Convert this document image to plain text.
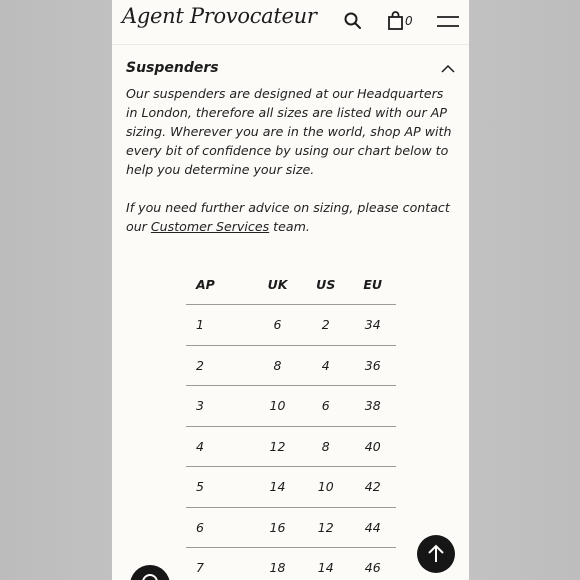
Agent Provocateur	0
Suspenders

Our suspenders are designed at our Headquarters in London, therefore all sizes are listed with our AP sizing. Wherever you are in the world, shop AP with every bit of confidence by using our chart below to help you determine your size.

If you need further advice on sizing, please contact our Customer Services team.

AP	UK	US	EU
1	6	2	34
2	8	4	36
3	10	6	38
4	12	8	40
5	14	10	42
6	16	12	44
7	18	14	46
